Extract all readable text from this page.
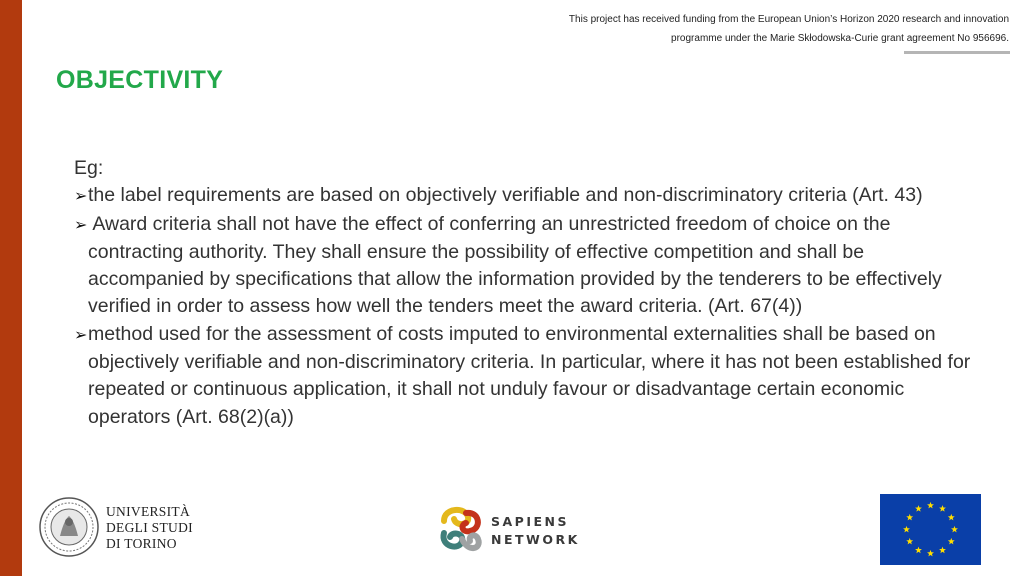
This project has received funding from the European Union’s Horizon 2020 research and innovation
programme under the Marie Skłodowska-Curie grant agreement No 956696.
OBJECTIVITY

Eg:

➢the label requirements are based on objectively verifiable and non-discriminatory criteria (Art. 43)
➢ Award criteria shall not have the effect of conferring an unrestricted freedom of choice on the contracting authority. They shall ensure the possibility of effective competition and shall be accompanied by specifications that allow the information provided by the tenderers to be effectively verified in order to assess how well the tenders meet the award criteria. (Art. 67(4))
➢method used for the assessment of costs imputed to environmental externalities shall be based on objectively verifiable and non-discriminatory criteria. In particular, where it has not been established for repeated or continuous application, it shall not unduly favour or disadvantage certain economic operators (Art. 68(2)(a))
UNIVERSITÀ
DEGLI STUDI
DI TORINO
SAPIENS
NETWORK
